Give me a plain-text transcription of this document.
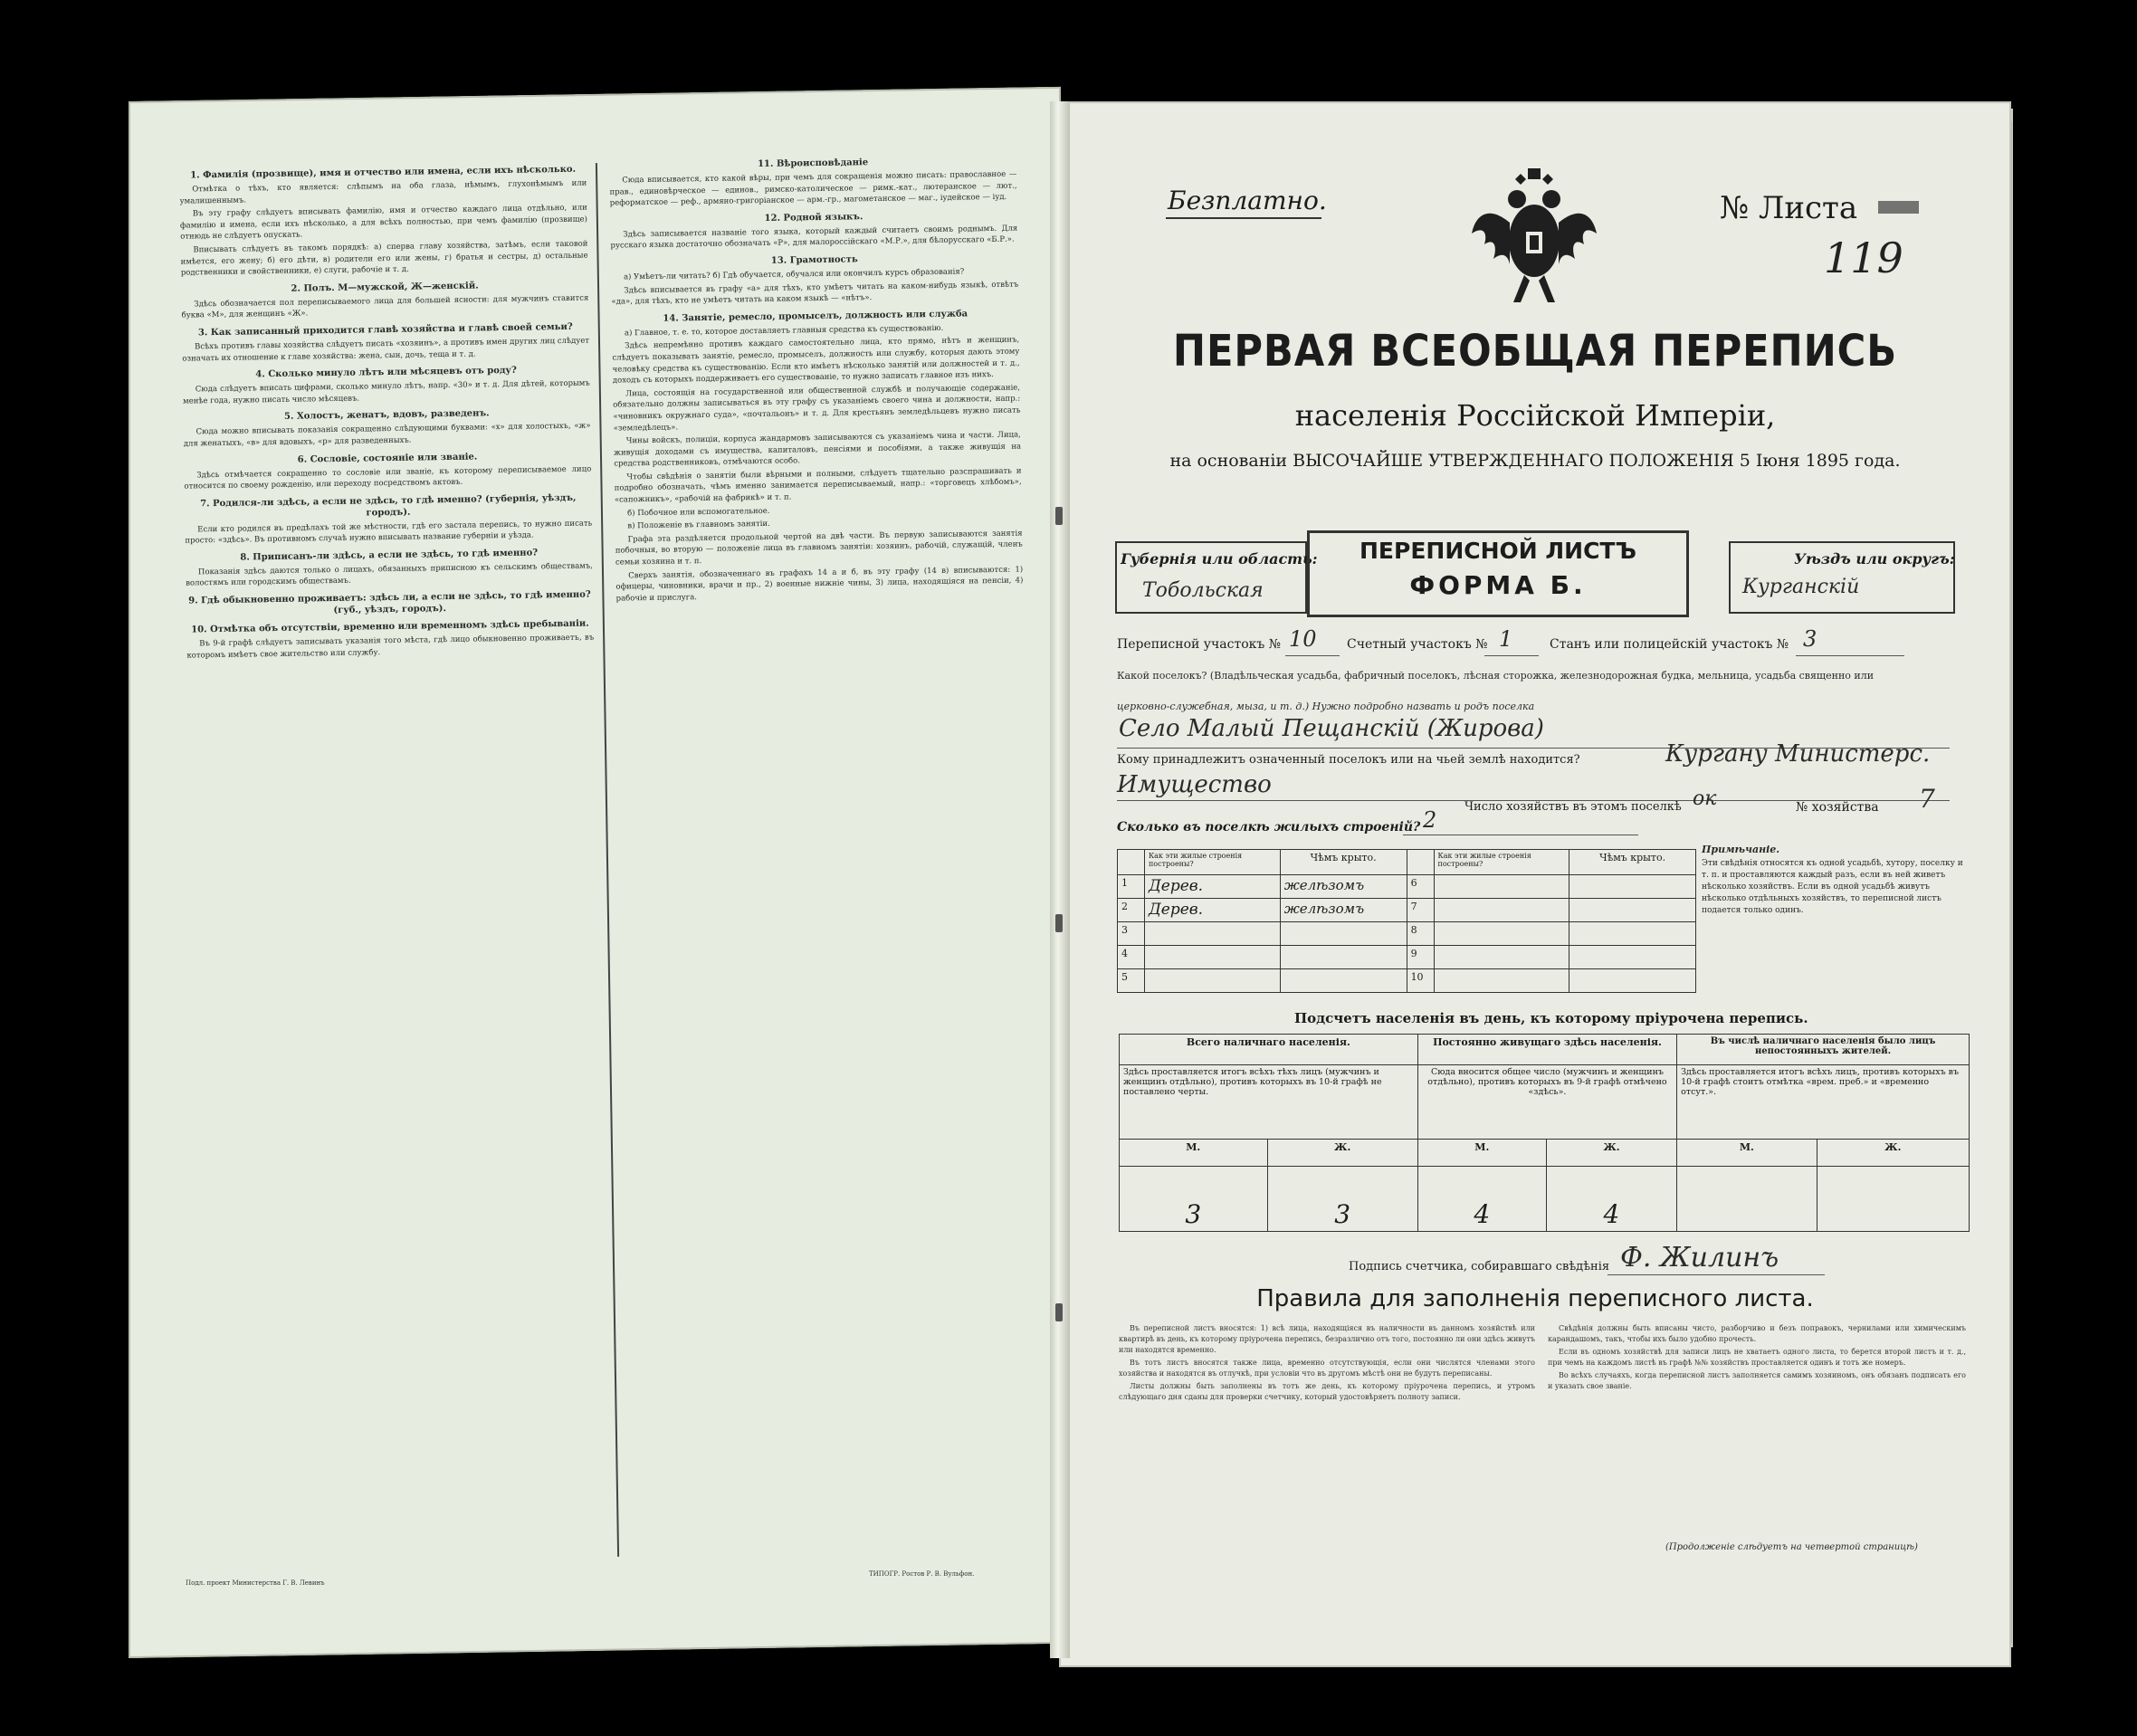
1. Фамилія (прозвище), имя и отчество или имена, если ихъ нѣсколько.

Отмѣтка о тѣхъ, кто является: слѣпымъ на оба глаза, нѣмымъ, глухонѣмымъ или умалишеннымъ.

Въ эту графу слѣдуетъ вписывать фамилію, имя и отчество каждаго лица отдѣльно, или фамилію и имена, если ихъ нѣсколько, а для всѣхъ полностью, при чемъ фамилію (прозвище) отнюдь не слѣдуетъ опускать.

Вписывать слѣдуетъ въ такомъ порядкѣ: а) сперва главу хозяйства, затѣмъ, если таковой имѣется, его жену; б) его дѣти, в) родители его или жены, г) братья и сестры, д) остальные родственники и свойственники, е) слуги, рабочіе и т. д.

2. Полъ. М—мужской, Ж—женскій.

Здѣсь обозначается пол переписываемого лица для большей ясности: для мужчинъ ставится буква «М», для женщинъ «Ж».

3. Как записанный приходится главѣ хозяйства и главѣ своей семьи?

Всѣхъ противъ главы хозяйства слѣдуетъ писать «хозяинъ», а противъ имен других лиц слѣдует означать их отношение к главе хозяйства: жена, сын, дочь, теща и т. д.

4. Сколько минуло лѣтъ или мѣсяцевъ отъ роду?

Сюда слѣдуетъ вписать цифрами, сколько минуло лѣтъ, напр. «30» и т. д. Для дѣтей, которымъ менѣе года, нужно писать число мѣсяцевъ.

5. Холостъ, женатъ, вдовъ, разведенъ.

Сюда можно вписывать показанія сокращенно слѣдующими буквами: «х» для холостыхъ, «ж» для женатыхъ, «в» для вдовыхъ, «р» для разведенныхъ.

6. Сословіе, состояніе или званіе.

Здѣсь отмѣчается сокращенно то сословіе или званіе, къ которому переписываемое лицо относится по своему рожденію, или переходу посредствомъ актовъ.

7. Родился-ли здѣсь, а если не здѣсь, то гдѣ именно? (губернія, уѣздъ, городъ).

Если кто родился въ предѣлахъ той же мѣстности, гдѣ его застала перепись, то нужно писать просто: «здѣсь». Въ противномъ случаѣ нужно вписывать название губерніи и уѣзда.

8. Приписанъ-ли здѣсь, а если не здѣсь, то гдѣ именно?

Показанія здѣсь даются только о лицахъ, обязанныхъ приписною къ сельскимъ обществамъ, волостямъ или городскимъ обществамъ.

9. Гдѣ обыкновенно проживаетъ: здѣсь ли, а если не здѣсь, то гдѣ именно? (губ., уѣздъ, городъ).
10. Отмѣтка объ отсутствіи, временно или временномъ здѣсь пребываніи.

Въ 9-й графѣ слѣдуетъ записывать указанія того мѣста, гдѣ лицо обыкновенно проживаетъ, въ которомъ имѣетъ свое жительство или службу.

11. Вѣроисповѣданіе

Сюда вписывается, кто какой вѣры, при чемъ для сокращенія можно писать: православное — прав., единовѣрческое — единов., римско-католическое — римк.-кат., лютеранское — лют., реформатское — реф., армяно-григоріанское — арм.-гр., магометанское — маг., іудейское — іуд.

12. Родной языкъ.

Здѣсь записывается названіе того языка, который каждый считаетъ своимъ роднымъ. Для русскаго языка достаточно обозначать «Р», для малороссійскаго «М.Р.», для бѣлорусскаго «Б.Р.».

13. Грамотность

а) Умѣетъ-ли читать? б) Гдѣ обучается, обучался или окончилъ курсъ образованія?

Здѣсь вписывается въ графу «а» для тѣхъ, кто умѣетъ читать на каком-нибудь языкѣ, отвѣтъ «да», для тѣхъ, кто не умѣетъ читать на каком языкѣ — «нѣтъ».

14. Занятіе, ремесло, промыселъ, должность или служба

а) Главное, т. е. то, которое доставляетъ главныя средства къ существованію.

Здѣсь непремѣнно противъ каждаго самостоятельно лица, кто прямо, нѣтъ и женщинъ, слѣдуетъ показывать занятіе, ремесло, промыселъ, должность или службу, которыя дають этому человѣку средства къ существованію. Если кто имѣетъ нѣсколько занятій или должностей и т. д., доходъ съ которыхъ поддерживаетъ его существованіе, то нужно записать главное изъ нихъ.

Лица, состоящія на государственной или общественной службѣ и получающіе содержаніе, обязательно должны записываться въ эту графу съ указаніемъ своего чина и должности, напр.: «чиновникъ окружнаго суда», «почтальонъ» и т. д. Для крестьянъ земледѣльцевъ нужно писать «земледѣлецъ».

Чины войскъ, полиціи, корпуса жандармовъ записываются съ указаніемъ чина и части. Лица, живущія доходами съ имущества, капиталовъ, пенсіями и пособіями, а также живущія на средства родственниковъ, отмѣчаются особо.

Чтобы свѣдѣнія о занятіи были вѣрными и полными, слѣдуетъ тщательно разспрашивать и подробно обозначать, чѣмъ именно занимается переписываемый, напр.: «торговецъ хлѣбомъ», «сапожникъ», «рабочій на фабрикѣ» и т. п.

б) Побочное или вспомогательное.

в) Положеніе въ главномъ занятіи.

Графа эта раздѣляется продольной чертой на двѣ части. Въ первую записываются занятія побочныя, во вторую — положеніе лица въ главномъ занятіи: хозяинъ, рабочій, служащій, членъ семьи хозяина и т. п.

Сверхъ занятія, обозначеннаго въ графахъ 14 а и б, въ эту графу (14 в) вписываются: 1) офицеры, чиновники, врачи и пр., 2) военные нижніе чины, 3) лица, находящіяся на пенсіи, 4) рабочіе и прислуга.

Подл. проект Министерства Г. В. Левинъ
ТИПОГР. Ростов Р. В. Вульфон.
Безплатно.	№ Листа
119
ПЕРВАЯ ВСЕОБЩАЯ ПЕРЕПИСЬ
населенія Россійской Имперіи,
на основаніи ВЫСОЧАЙШЕ УТВЕРЖДЕННАГО ПОЛОЖЕНІЯ 5 Іюня 1895 года.
Губернія или область:
Тобольская
ПЕРЕПИСНОЙ ЛИСТЪ
ФОРМА Б.
Уѣздъ или округъ:
Курганскій
Переписной участокъ № 10 Счетный участокъ № 1	Станъ или полицейскій участокъ № 3
Какой поселокъ? (Владѣльческая усадьба, фабричный поселокъ, лѣсная сторожка, железнодорожная будка, мельница, усадьба священно или
церковно-служебная, мыза, и т. д.) Нужно подробно назвать и родъ поселка
Село Малый Пещанскій (Жирова)
Кому принадлежитъ означенный поселокъ или на чьей землѣ находится?	Кургану Министерс.
Имущество
Число хозяйствъ въ этомъ поселкѣ ок	№ хозяйства 7
Сколько въ поселкѣ жилыхъ строеній? 2
	Как эти жилые строенія построены?	Чѣмъ крыто.		Как эти жилые строенія построены?	Чѣмъ крыто.
1	Дерев.	желѣзомъ	6		
2	Дерев.	желѣзомъ	7		
3			8		
4			9		
5			10		
Примѣчаніе.
Эти свѣдѣнія относятся къ одной усадьбѣ, хутору, поселку и т. п. и проставляются каждый разъ, если въ ней живетъ нѣсколько хозяйствъ. Если въ одной усадьбѣ живутъ нѣсколько отдѣльныхъ хозяйствъ, то переписной листъ подается только одинъ.
Подсчетъ населенія въ день, къ которому пріурочена перепись.
Всего наличнаго населенія.		Постоянно живущаго здѣсь населенія.		Въ числѣ наличнаго населенія было лицъ непостоянныхъ жителей.	
Здѣсь проставляется итогъ всѣхъ тѣхъ лицъ (мужчинъ и женщинъ отдѣльно), противъ которыхъ въ 10-й графѣ не поставлено черты.		Сюда вносится общее число (мужчинъ и женщинъ отдѣльно), противъ которыхъ въ 9-й графѣ отмѣчено «здѣсь».		Здѣсь проставляется итогъ всѣхъ лицъ, противъ которыхъ въ 10-й графѣ стоитъ отмѣтка «врем. преб.» и «временно отсут.».	
М.	Ж.	М.	Ж.	М.	Ж.
3	3	4	4		
Подпись счетчика, собиравшаго свѣдѣнія Ф. Жилинъ
Правила для заполненія переписного листа.

Въ переписной листъ вносятся: 1) всѣ лица, находящіяся въ наличности въ данномъ хозяйствѣ или квартирѣ въ день, къ которому пріурочена перепись, безразлично отъ того, постоянно ли они здѣсь живутъ или находятся временно.

Въ тотъ листъ вносятся также лица, временно отсутствующія, если они числятся членами этого хозяйства и находятся въ отлучкѣ, при условіи что въ другомъ мѣстѣ они не будутъ переписаны.

Листы должны быть заполнены въ тотъ же день, къ которому пріурочена перепись, и утромъ слѣдующаго дня сданы для проверки счетчику, который удостовѣряетъ полноту записи.

Свѣдѣнія должны быть вписаны чисто, разборчиво и безъ поправокъ, чернилами или химическимъ карандашомъ, такъ, чтобы ихъ было удобно прочесть.

Если въ одномъ хозяйствѣ для записи лицъ не хватаетъ одного листа, то берется второй листъ и т. д., при чемъ на каждомъ листѣ въ графѣ №№ хозяйствъ проставляется одинъ и тотъ же номеръ.

Во всѣхъ случаяхъ, когда переписной листъ заполняется самимъ хозяиномъ, онъ обязанъ подписать его и указать свое званіе.

(Продолженіе слѣдуетъ на четвертой страницѣ)
